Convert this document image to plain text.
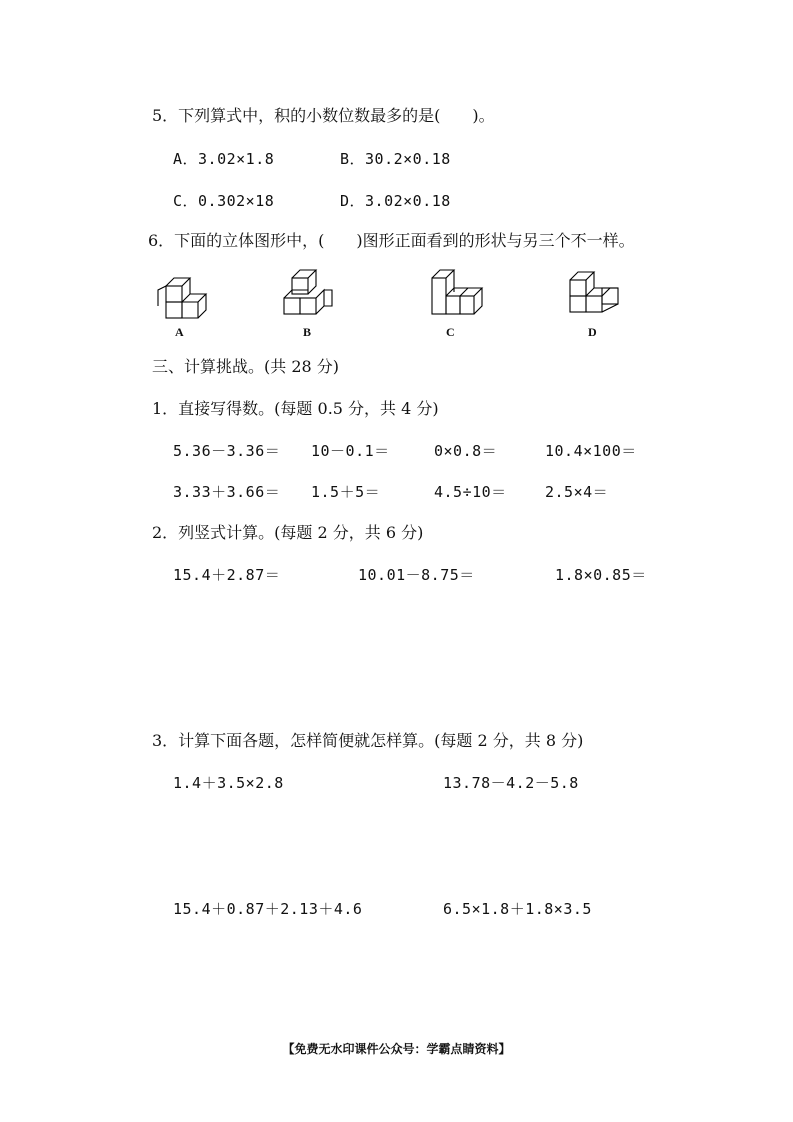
5．下列算式中，积的小数位数最多的是(　　)。
A．3.02×1.8	B．30.2×0.18
C．0.302×18	D．3.02×0.18
6．下面的立体图形中，(　　)图形正面看到的形状与另三个不一样。
A	B	C	D
三、计算挑战。(共 28 分)
1．直接写得数。(每题 0.5 分，共 4 分)
5.36－3.36＝ 10－0.1＝	0×0.8＝	10.4×100＝
3.33＋3.66＝ 1.5＋5＝	4.5÷10＝	2.5×4＝
2．列竖式计算。(每题 2 分，共 6 分)
15.4＋2.87＝	10.01－8.75＝	1.8×0.85＝
3．计算下面各题，怎样简便就怎样算。(每题 2 分，共 8 分)
1.4＋3.5×2.8	13.78－4.2－5.8
15.4＋0.87＋2.13＋4.6	6.5×1.8＋1.8×3.5
【免费无水印课件公众号：学霸点睛资料】
